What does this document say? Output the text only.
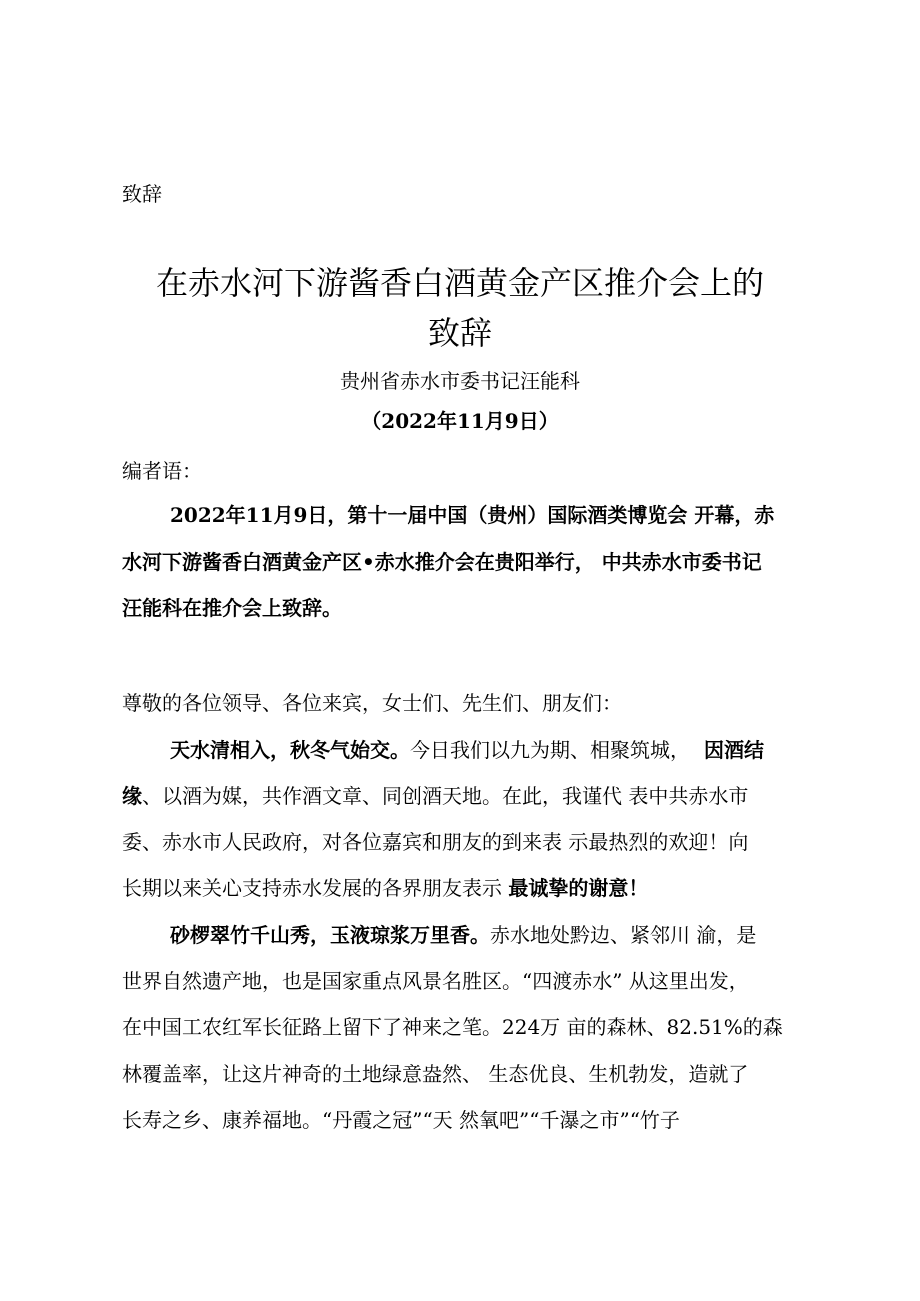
致辞
在赤水河下游酱香白酒黄金产区推介会上的
致辞
贵州省赤水市委书记汪能科
（2022年11月9日）
编者语：
2022年11月9日，第十一届中国（贵州）国际酒类博览会 开幕，赤
水河下游酱香白酒黄金产区•赤水推介会在贵阳举行， 中共赤水市委书记
汪能科在推介会上致辞。
尊敬的各位领导、各位来宾，女士们、先生们、朋友们：
天水清相入，秋冬气始交。今日我们以九为期、相聚筑城， 因酒结
缘、以酒为媒，共作酒文章、同创酒天地。在此，我谨代 表中共赤水市
委、赤水市人民政府，对各位嘉宾和朋友的到来表 示最热烈的欢迎！向
长期以来关心支持赤水发展的各界朋友表示 最诚挚的谢意！
砂椤翠竹千山秀，玉液琼浆万里香。赤水地处黔边、紧邻川 渝，是
世界自然遗产地，也是国家重点风景名胜区。“四渡赤水” 从这里出发，
在中国工农红军长征路上留下了神来之笔。224万 亩的森林、82.51%的森
林覆盖率，让这片神奇的土地绿意盎然、 生态优良、生机勃发，造就了
长寿之乡、康养福地。“丹霞之冠”“天 然氧吧”“千瀑之市”“竹子
